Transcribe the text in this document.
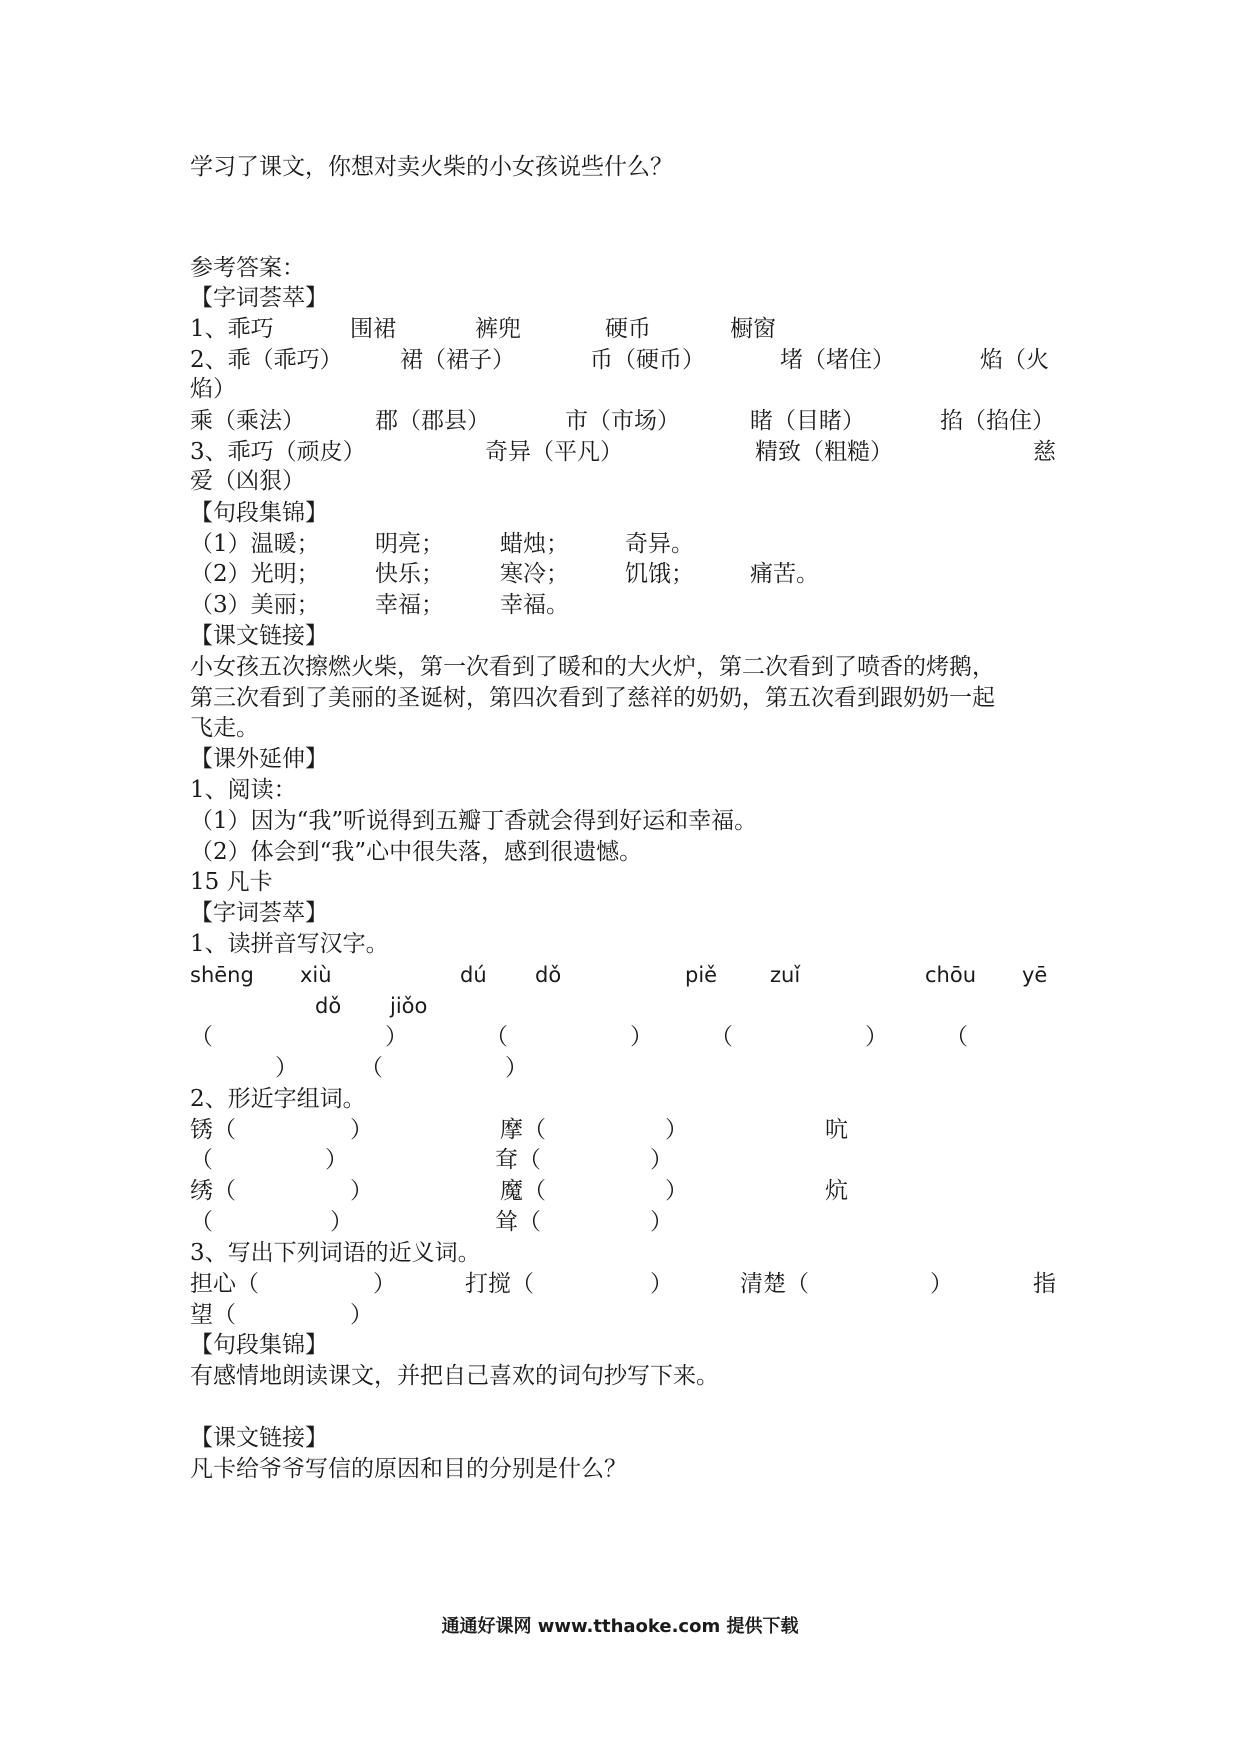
学习了课文，你想对卖火柴的小女孩说些什么？
参考答案：
【字词荟萃】
1、乖巧	围裙	裤兜	硬币	橱窗
2、乖（乖巧） 裙（裙子）	币（硬币）	堵（堵住）	焰（火
焰）
乘（乘法）	郡（郡县）	市（市场）	睹（目睹）	掐（掐住）
3、乖巧（顽皮）	奇异（平凡）	精致（粗糙）	慈
爱（凶狠）
【句段集锦】
（1）温暖； 明亮； 蜡烛； 奇异。
（2）光明； 快乐； 寒冷； 饥饿； 痛苦。
（3）美丽； 幸福； 幸福。
【课文链接】
小女孩五次擦燃火柴，第一次看到了暖和的大火炉，第二次看到了喷香的烤鹅，
第三次看到了美丽的圣诞树，第四次看到了慈祥的奶奶，第五次看到跟奶奶一起
飞走。
【课外延伸】
1、阅读：
（1）因为“我”听说得到五瓣丁香就会得到好运和幸福。
（2）体会到“我”心中很失落，感到很遗憾。
15 凡卡
【字词荟萃】
1、读拼音写汉字。
shēng xiù	dú dǒ	piě	zuǐ	chōu yē
dǒ jiǒo
（	）	（	） （	） （
）	（	）
2、形近字组词。
锈（	）	摩（	）	吭
（	）	耷（	）
绣（	）	魔（	）	炕
（	）	耸（	）
3、写出下列词语的近义词。
担心（	）	打搅（	）	清楚（	）	指
望（	）
【句段集锦】
有感情地朗读课文，并把自己喜欢的词句抄写下来。
【课文链接】
凡卡给爷爷写信的原因和目的分别是什么？
通通好课网 www.tthaoke.com 提供下载
